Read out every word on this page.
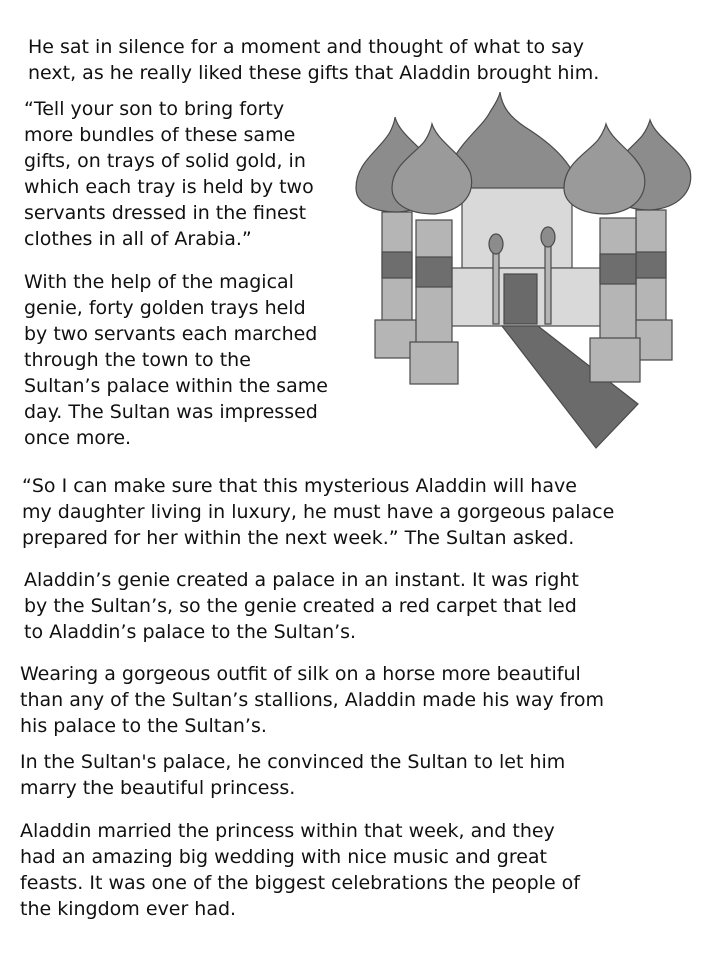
He sat in silence for a moment and thought of what to say
next, as he really liked these gifts that Aladdin brought him.

“Tell your son to bring forty
more bundles of these same
gifts, on trays of solid gold, in
which each tray is held by two
servants dressed in the finest
clothes in all of Arabia.”

With the help of the magical
genie, forty golden trays held
by two servants each marched
through the town to the
Sultan’s palace within the same
day. The Sultan was impressed
once more.

“So I can make sure that this mysterious Aladdin will have
my daughter living in luxury, he must have a gorgeous palace
prepared for her within the next week.” The Sultan asked.

Aladdin’s genie created a palace in an instant. It was right
by the Sultan’s, so the genie created a red carpet that led
to Aladdin’s palace to the Sultan’s.

Wearing a gorgeous outfit of silk on a horse more beautiful
than any of the Sultan’s stallions, Aladdin made his way from
his palace to the Sultan’s.

In the Sultan's palace, he convinced the Sultan to let him
marry the beautiful princess.

Aladdin married the princess within that week, and they
had an amazing big wedding with nice music and great
feasts. It was one of the biggest celebrations the people of
the kingdom ever had.
